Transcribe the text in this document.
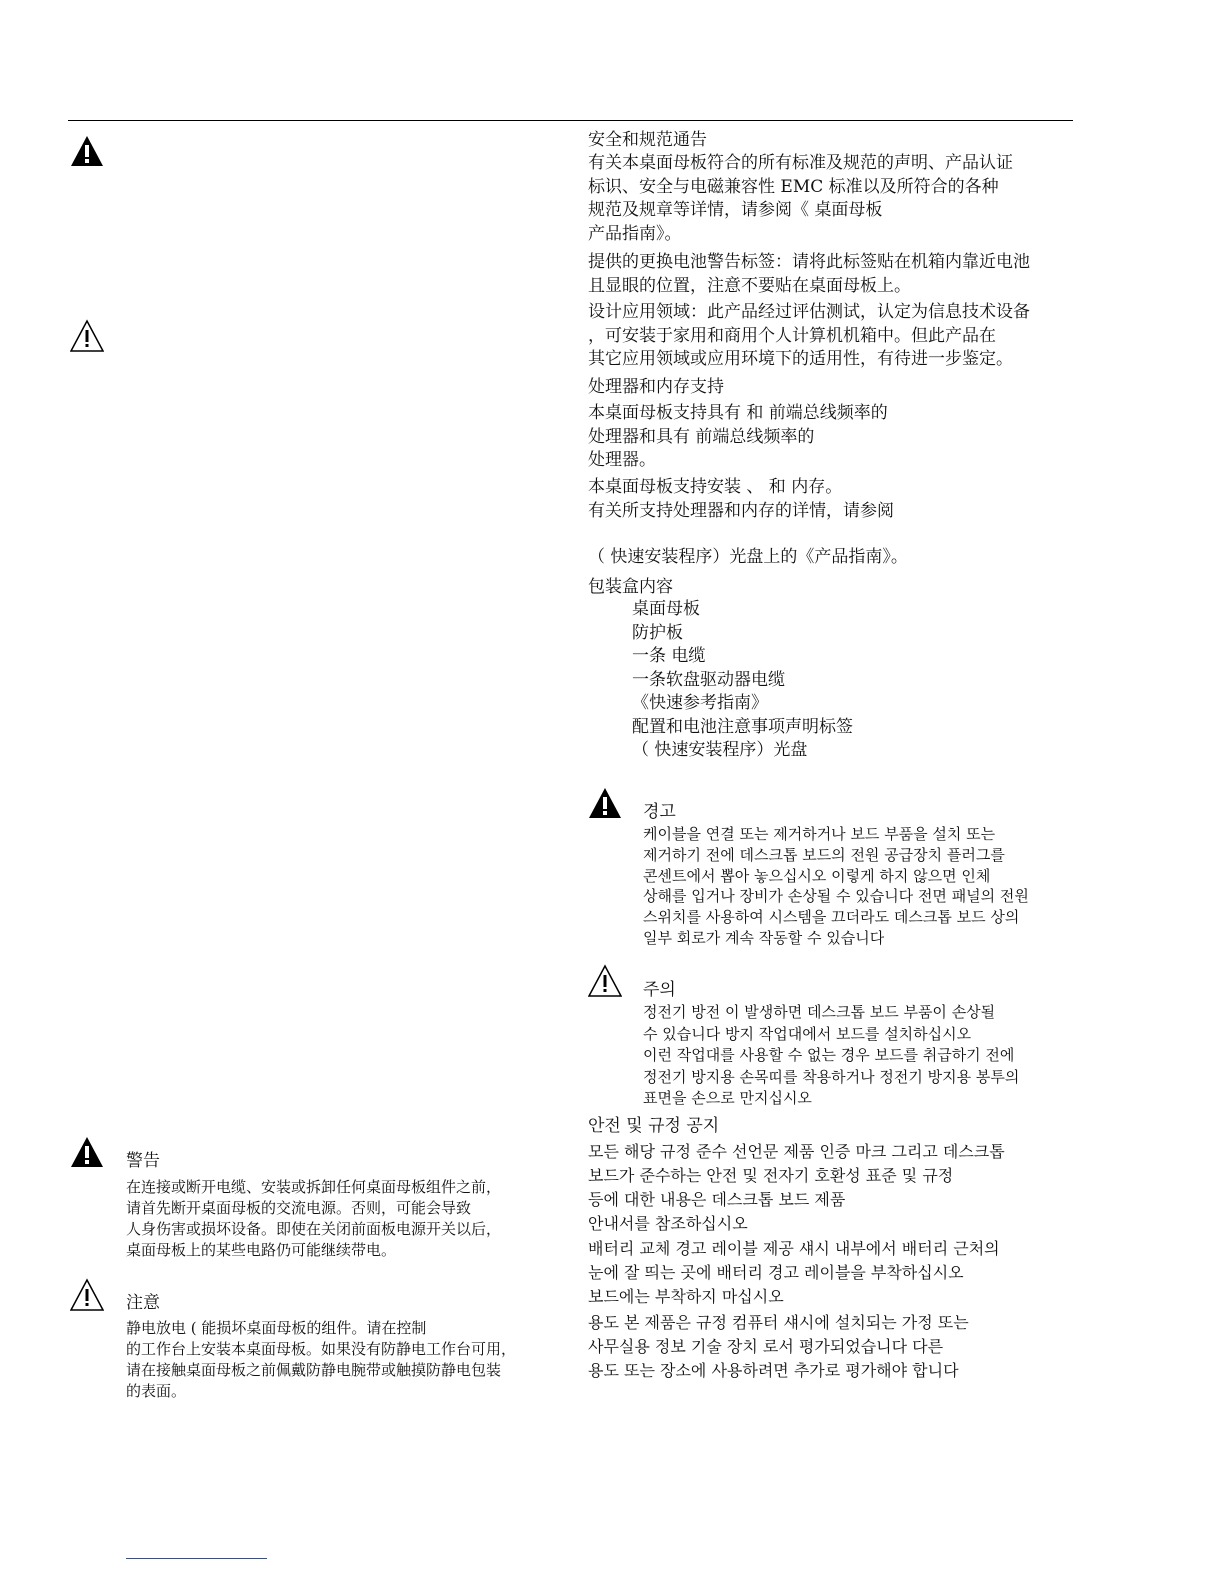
警告
在连接或断开电缆、安装或拆卸任何桌面母板组件之前，
请首先断开桌面母板的交流电源。否则，可能会导致
人身伤害或损坏设备。即使在关闭前面板电源开关以后，
桌面母板上的某些电路仍可能继续带电。
注意
静电放电 ( 能损坏桌面母板的组件。请在控制
的工作台上安装本桌面母板。如果没有防静电工作台可用，
请在接触桌面母板之前佩戴防静电腕带或触摸防静电包装
的表面。
安全和规范通告
有关本桌面母板符合的所有标准及规范的声明、产品认证
标识、安全与电磁兼容性 EMC 标准以及所符合的各种
规范及规章等详情，请参阅《 桌面母板
产品指南》。
提供的更换电池警告标签：请将此标签贴在机箱内靠近电池
且显眼的位置，注意不要贴在桌面母板上。
设计应用领域：此产品经过评估测试，认定为信息技术设备
，可安装于家用和商用个人计算机机箱中。但此产品在
其它应用领域或应用环境下的适用性，有待进一步鉴定。
处理器和内存支持
本桌面母板支持具有 和 前端总线频率的
处理器和具有 前端总线频率的
处理器。
本桌面母板支持安装 、 和 内存。
有关所支持处理器和内存的详情，请参阅
（ 快速安装程序）光盘上的《产品指南》。
包装盒内容
桌面母板
防护板
一条 电缆
一条软盘驱动器电缆
《快速参考指南》
配置和电池注意事项声明标签
（ 快速安装程序）光盘
경고
케이블을 연결 또는 제거하거나 보드 부품을 설치 또는
제거하기 전에 데스크톱 보드의 전원 공급장치 플러그를
콘센트에서 뽑아 놓으십시오 이렇게 하지 않으면 인체
상해를 입거나 장비가 손상될 수 있습니다 전면 패널의 전원
스위치를 사용하여 시스템을 끄더라도 데스크톱 보드 상의
일부 회로가 계속 작동할 수 있습니다
주의
정전기 방전 이 발생하면 데스크톱 보드 부품이 손상될
수 있습니다 방지 작업대에서 보드를 설치하십시오
이런 작업대를 사용할 수 없는 경우 보드를 취급하기 전에
정전기 방지용 손목띠를 착용하거나 정전기 방지용 봉투의
표면을 손으로 만지십시오
안전 및 규정 공지
모든 해당 규정 준수 선언문 제품 인증 마크 그리고 데스크톱
보드가 준수하는 안전 및 전자기 호환성 표준 및 규정
등에 대한 내용은 데스크톱 보드 제품
안내서를 참조하십시오
배터리 교체 경고 레이블 제공 섀시 내부에서 배터리 근처의
눈에 잘 띄는 곳에 배터리 경고 레이블을 부착하십시오
보드에는 부착하지 마십시오
용도 본 제품은 규정 컴퓨터 섀시에 설치되는 가정 또는
사무실용 정보 기술 장치 로서 평가되었습니다 다른
용도 또는 장소에 사용하려면 추가로 평가해야 합니다
